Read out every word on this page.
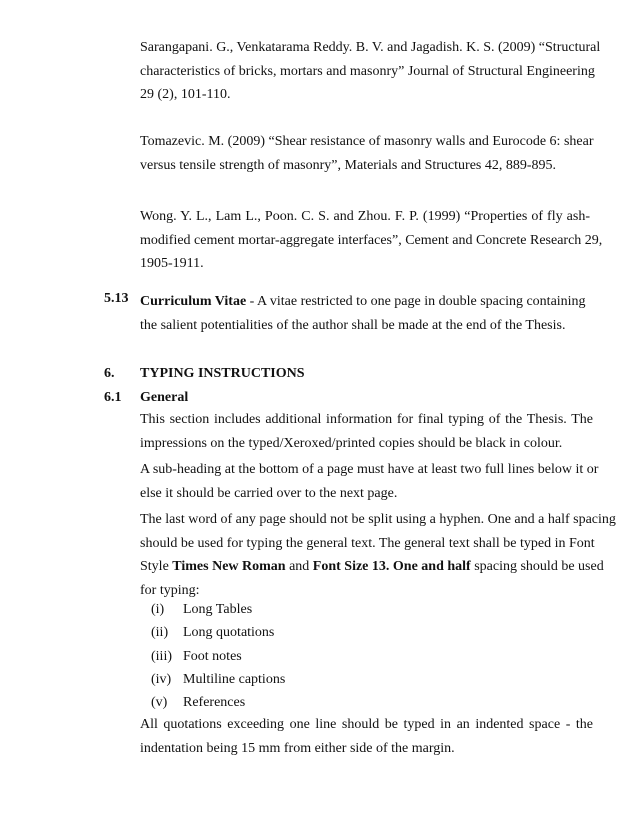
Sarangapani. G., Venkatarama Reddy. B. V. and Jagadish. K. S. (2009) “Structural
characteristics of bricks, mortars and masonry” Journal of Structural Engineering
29 (2), 101-110.
Tomazevic. M. (2009) “Shear resistance of masonry walls and Eurocode 6: shear
versus tensile strength of masonry”, Materials and Structures 42, 889-895.
Wong. Y. L., Lam L., Poon. C. S. and Zhou. F. P. (1999) “Properties of fly ash-
modified cement mortar-aggregate interfaces”, Cement and Concrete Research 29,
1905-1911.
5.13 Curriculum Vitae - A vitae restricted to one page in double spacing containing
the salient potentialities of the author shall be made at the end of the Thesis.
6. TYPING INSTRUCTIONS
6.1 General
This section includes additional information for final typing of the Thesis. The
impressions on the typed/Xeroxed/printed copies should be black in colour.
A sub-heading at the bottom of a page must have at least two full lines below it or
else it should be carried over to the next page.
The last word of any page should not be split using a hyphen. One and a half spacing
should be used for typing the general text. The general text shall be typed in Font
Style Times New Roman and Font Size 13. One and half spacing should be used
for typing:
(i) Long Tables
(ii) Long quotations
(iii) Foot notes
(iv) Multiline captions
(v) References
All quotations exceeding one line should be typed in an indented space - the
indentation being 15 mm from either side of the margin.
